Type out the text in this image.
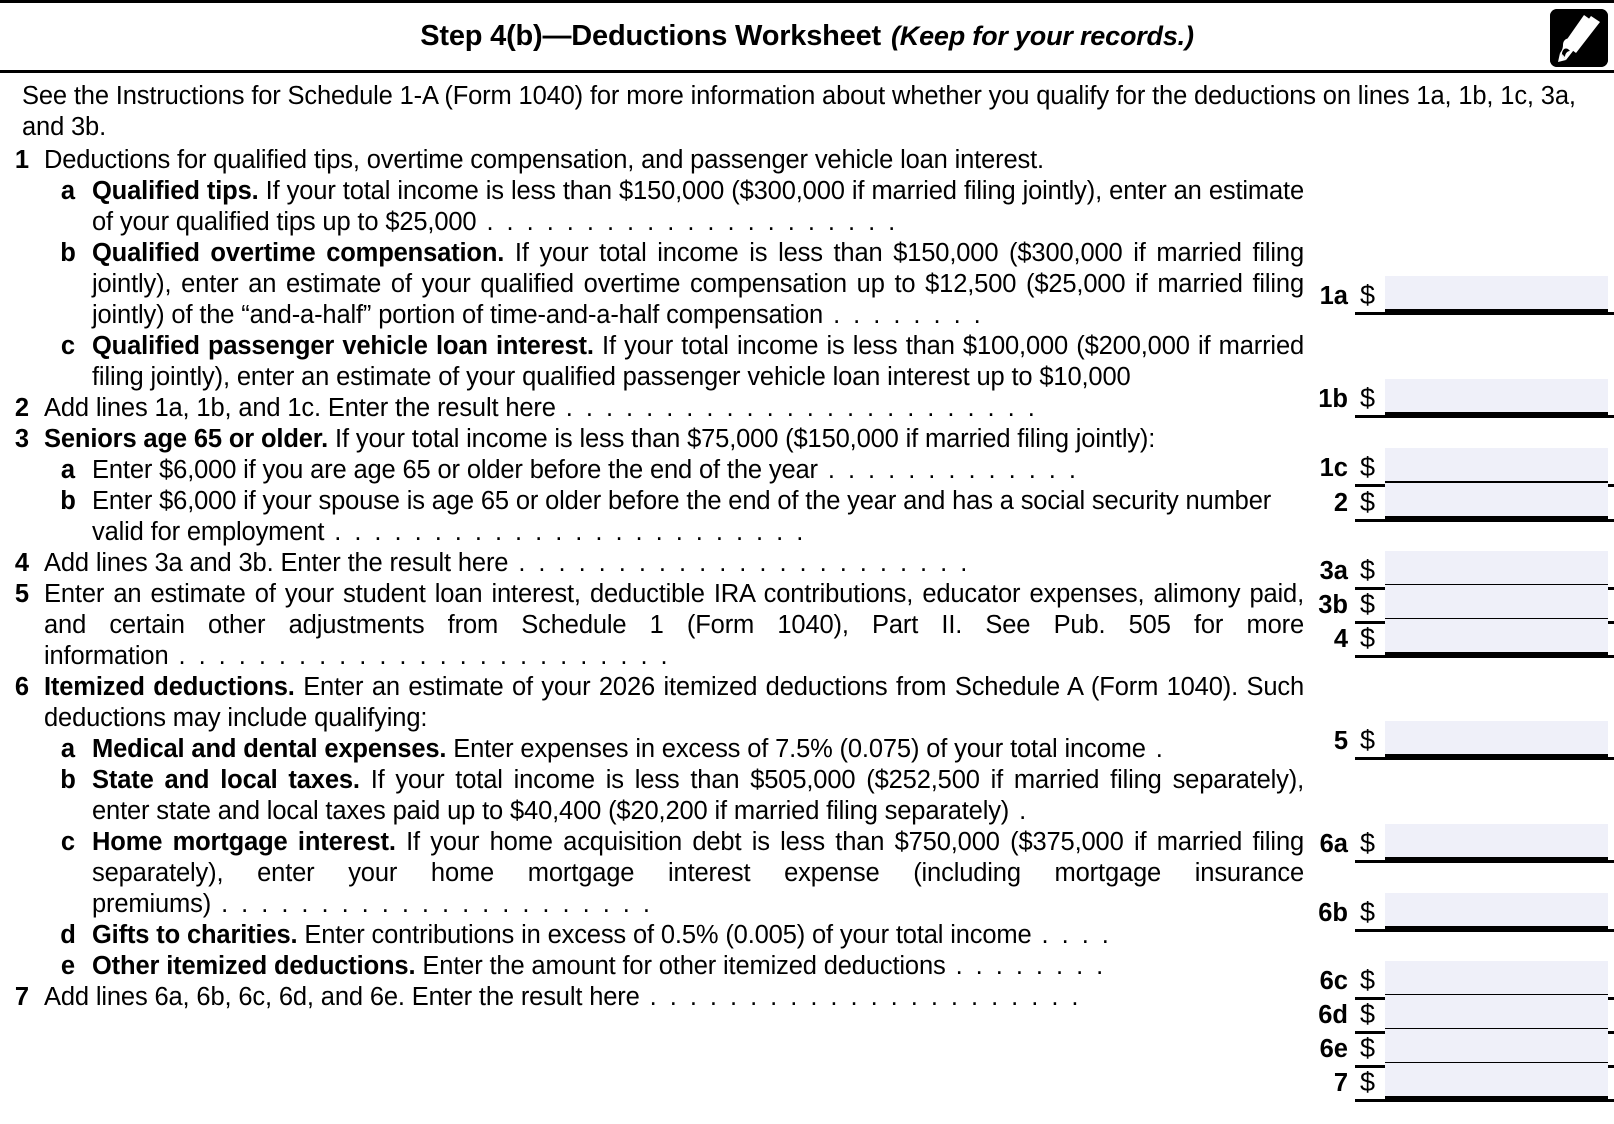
Step 4(b)—Deductions Worksheet (Keep for your records.)
See the Instructions for Schedule 1-A (Form 1040) for more information about whether you qualify for the deductions on lines 1a, 1b, 1c, 3a, and 3b.
1 Deductions for qualified tips, overtime compensation, and passenger vehicle loan interest.
a Qualified tips. If your total income is less than $150,000 ($300,000 if married filing jointly), enter an estimate of your qualified tips up to $25,000 .....................
b Qualified overtime compensation. If your total income is less than $150,000 ($300,000 if married filing jointly), enter an estimate of your qualified overtime compensation up to $12,500 ($25,000 if married filing jointly) of the “and-a-half” portion of time-and-a-half compensation ........
c Qualified passenger vehicle loan interest. If your total income is less than $100,000 ($200,000 if married filing jointly), enter an estimate of your qualified passenger vehicle loan interest up to $10,000
2 Add lines 1a, 1b, and 1c. Enter the result here ........................
3 Seniors age 65 or older. If your total income is less than $75,000 ($150,000 if married filing jointly):
a Enter $6,000 if you are age 65 or older before the end of the year .............
b Enter $6,000 if your spouse is age 65 or older before the end of the year and has a social security number valid for employment ........................
4 Add lines 3a and 3b. Enter the result here .......................
5 Enter an estimate of your student loan interest, deductible IRA contributions, educator expenses, alimony paid, and certain other adjustments from Schedule 1 (Form 1040), Part II. See Pub. 505 for more information .........................
6 Itemized deductions. Enter an estimate of your 2026 itemized deductions from Schedule A (Form 1040). Such deductions may include qualifying:
a Medical and dental expenses. Enter expenses in excess of 7.5% (0.075) of your total income .
b State and local taxes. If your total income is less than $505,000 ($252,500 if married filing separately), enter state and local taxes paid up to $40,400 ($20,200 if married filing separately) .
c Home mortgage interest. If your home acquisition debt is less than $750,000 ($375,000 if married filing separately), enter your home mortgage interest expense (including mortgage insurance premiums) ......................
d Gifts to charities. Enter contributions in excess of 0.5% (0.005) of your total income ....
e Other itemized deductions. Enter the amount for other itemized deductions ........
7 Add lines 6a, 6b, 6c, 6d, and 6e. Enter the result here ......................
1a $
1b $
1c $
2 $
3a $
3b $
4 $
5 $
6a $
6b $
6c $
6d $
6e $
7 $
